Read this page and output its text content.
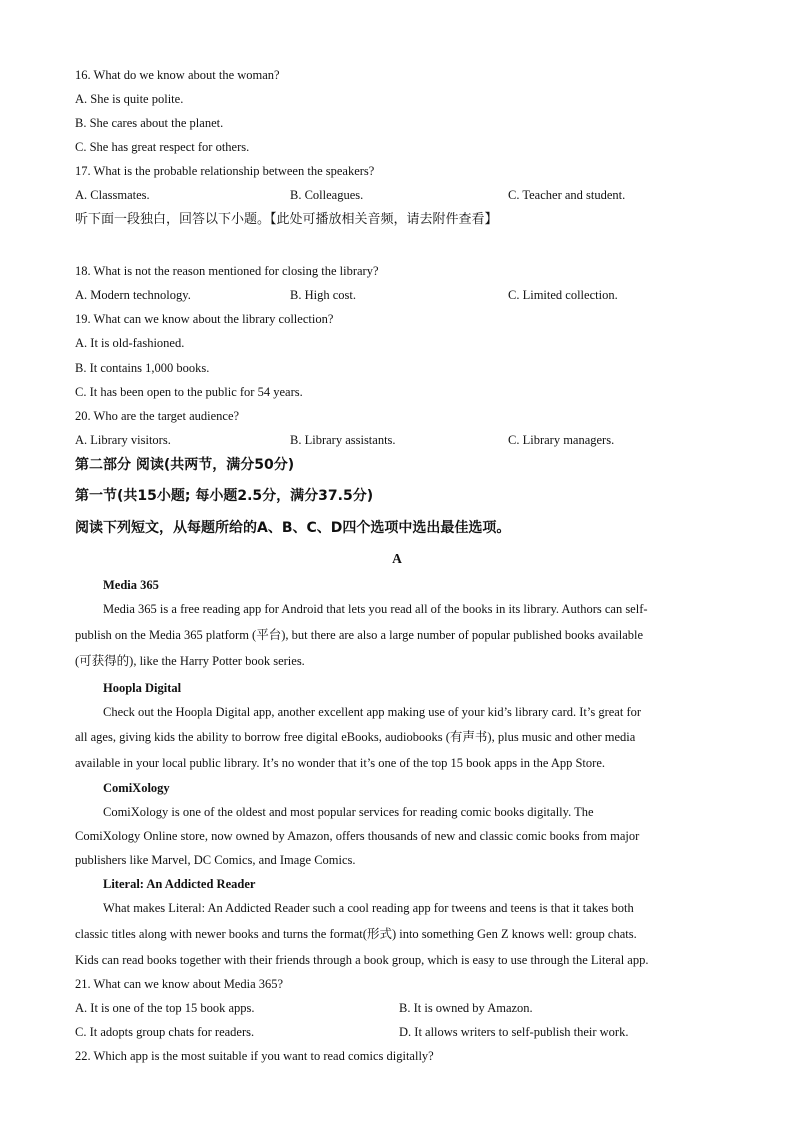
16. What do we know about the woman?
A. She is quite polite.
B. She cares about the planet.
C. She has great respect for others.
17. What is the probable relationship between the speakers?
A. Classmates.	B. Colleagues.	C. Teacher and student.
听下面一段独白，回答以下小题。【此处可播放相关音频，请去附件查看】
18. What is not the reason mentioned for closing the library?
A. Modern technology.	B. High cost.	C. Limited collection.
19. What can we know about the library collection?
A. It is old-fashioned.
B. It contains 1,000 books.
C. It has been open to the public for 54 years.
20. Who are the target audience?
A. Library visitors.	B. Library assistants.	C. Library managers.
第二部分 阅读(共两节，满分50分)
第一节(共15小题; 每小题2.5分，满分37.5分)
阅读下列短文，从每题所给的A、B、C、D四个选项中选出最佳选项。
A
Media 365
Media 365 is a free reading app for Android that lets you read all of the books in its library. Authors can self-
publish on the Media 365 platform (平台), but there are also a large number of popular published books available
(可获得的), like the Harry Potter book series.
Hoopla Digital
Check out the Hoopla Digital app, another excellent app making use of your kid’s library card. It’s great for
all ages, giving kids the ability to borrow free digital eBooks, audiobooks (有声书), plus music and other media
available in your local public library. It’s no wonder that it’s one of the top 15 book apps in the App Store.
ComiXology
ComiXology is one of the oldest and most popular services for reading comic books digitally. The
ComiXology Online store, now owned by Amazon, offers thousands of new and classic comic books from major
publishers like Marvel, DC Comics, and Image Comics.
Literal: An Addicted Reader
What makes Literal: An Addicted Reader such a cool reading app for tweens and teens is that it takes both
classic titles along with newer books and turns the format(形式) into something Gen Z knows well: group chats.
Kids can read books together with their friends through a book group, which is easy to use through the Literal app.
21. What can we know about Media 365?
A. It is one of the top 15 book apps.	B. It is owned by Amazon.
C. It adopts group chats for readers.	D. It allows writers to self-publish their work.
22. Which app is the most suitable if you want to read comics digitally?
